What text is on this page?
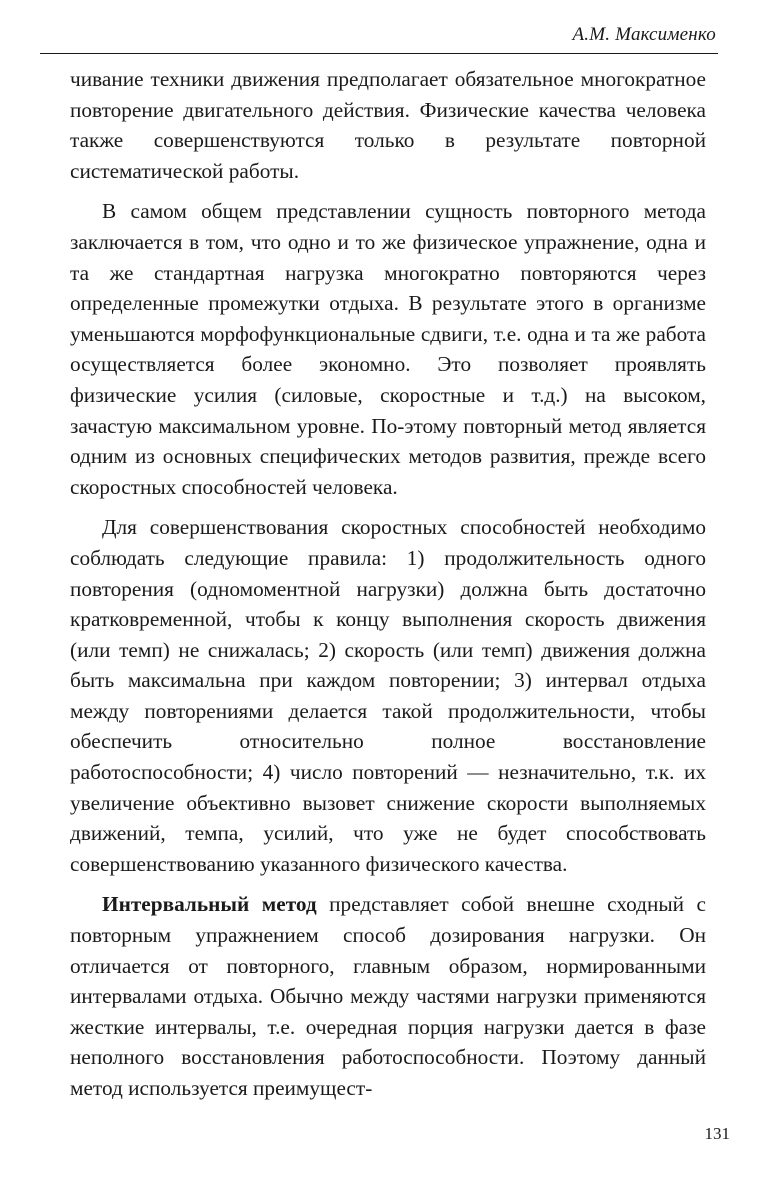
А.М. Максименко

чивание техники движения предполагает обязательное многократное повторение двигательного действия. Физические качества человека также совершенствуются только в результате повторной систематической работы.

В самом общем представлении сущность повторного метода заключается в том, что одно и то же физическое упражнение, одна и та же стандартная нагрузка многократно повторяются через определенные промежутки отдыха. В результате этого в организме уменьшаются морфофункциональные сдвиги, т.е. одна и та же работа осуществляется более экономно. Это позволяет проявлять физические усилия (силовые, скоростные и т.д.) на высоком, зачастую максимальном уровне. По-этому повторный метод является одним из основных специфических методов развития, прежде всего скоростных способностей человека.

Для совершенствования скоростных способностей необходимо соблюдать следующие правила: 1) продолжительность одного повторения (одномоментной нагрузки) должна быть достаточно кратковременной, чтобы к концу выполнения скорость движения (или темп) не снижалась; 2) скорость (или темп) движения должна быть максимальна при каждом повторении; 3) интервал отдыха между повторениями делается такой продолжительности, чтобы обеспечить относительно полное восстановление работоспособности; 4) число повторений — незначительно, т.к. их увеличение объективно вызовет снижение скорости выполняемых движений, темпа, усилий, что уже не будет способствовать совершенствованию указанного физического качества.

Интервальный метод представляет собой внешне сходный с повторным упражнением способ дозирования нагрузки. Он отличается от повторного, главным образом, нормированными интервалами отдыха. Обычно между частями нагрузки применяются жесткие интервалы, т.е. очередная порция нагрузки дается в фазе неполного восстановления работоспособности. Поэтому данный метод используется преимущест-

131
